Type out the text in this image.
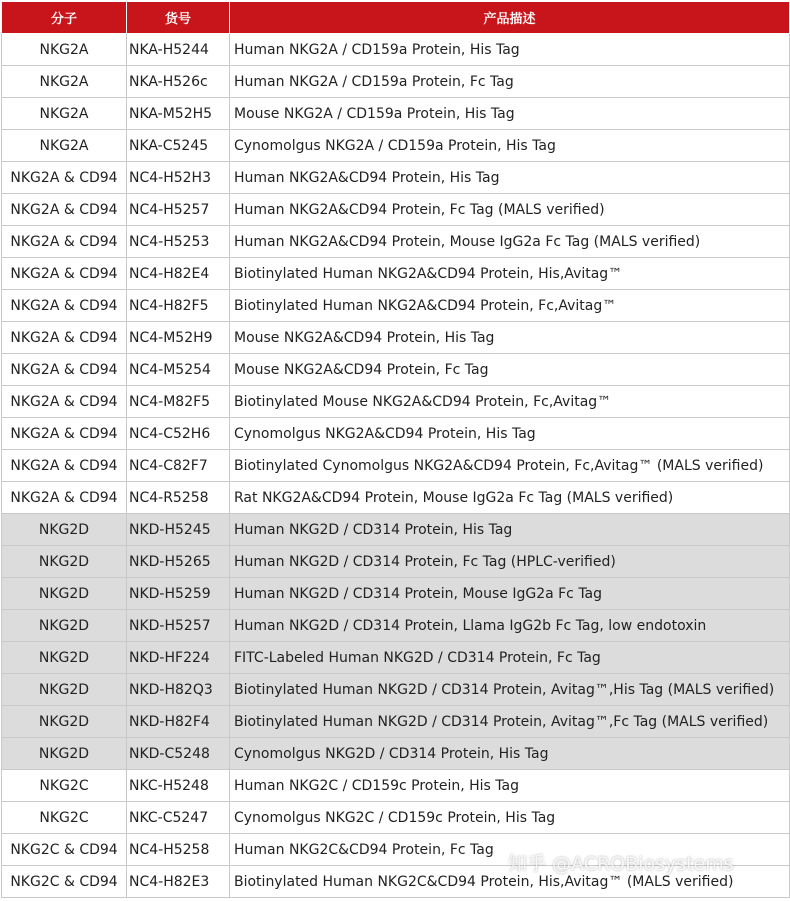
分子	货号	产品描述
NKG2A	NKA-H5244	Human NKG2A / CD159a Protein, His Tag
NKG2A	NKA-H526c	Human NKG2A / CD159a Protein, Fc Tag
NKG2A	NKA-M52H5	Mouse NKG2A / CD159a Protein, His Tag
NKG2A	NKA-C5245	Cynomolgus NKG2A / CD159a Protein, His Tag
NKG2A & CD94	NC4-H52H3	Human NKG2A&CD94 Protein, His Tag
NKG2A & CD94	NC4-H5257	Human NKG2A&CD94 Protein, Fc Tag (MALS verified)
NKG2A & CD94	NC4-H5253	Human NKG2A&CD94 Protein, Mouse IgG2a Fc Tag (MALS verified)
NKG2A & CD94	NC4-H82E4	Biotinylated Human NKG2A&CD94 Protein, His,Avitag™
NKG2A & CD94	NC4-H82F5	Biotinylated Human NKG2A&CD94 Protein, Fc,Avitag™
NKG2A & CD94	NC4-M52H9	Mouse NKG2A&CD94 Protein, His Tag
NKG2A & CD94	NC4-M5254	Mouse NKG2A&CD94 Protein, Fc Tag
NKG2A & CD94	NC4-M82F5	Biotinylated Mouse NKG2A&CD94 Protein, Fc,Avitag™
NKG2A & CD94	NC4-C52H6	Cynomolgus NKG2A&CD94 Protein, His Tag
NKG2A & CD94	NC4-C82F7	Biotinylated Cynomolgus NKG2A&CD94 Protein, Fc,Avitag™ (MALS verified)
NKG2A & CD94	NC4-R5258	Rat NKG2A&CD94 Protein, Mouse IgG2a Fc Tag (MALS verified)
NKG2D	NKD-H5245	Human NKG2D / CD314 Protein, His Tag
NKG2D	NKD-H5265	Human NKG2D / CD314 Protein, Fc Tag (HPLC-verified)
NKG2D	NKD-H5259	Human NKG2D / CD314 Protein, Mouse IgG2a Fc Tag
NKG2D	NKD-H5257	Human NKG2D / CD314 Protein, Llama IgG2b Fc Tag, low endotoxin
NKG2D	NKD-HF224	FITC-Labeled Human NKG2D / CD314 Protein, Fc Tag
NKG2D	NKD-H82Q3	Biotinylated Human NKG2D / CD314 Protein, Avitag™,His Tag (MALS verified)
NKG2D	NKD-H82F4	Biotinylated Human NKG2D / CD314 Protein, Avitag™,Fc Tag (MALS verified)
NKG2D	NKD-C5248	Cynomolgus NKG2D / CD314 Protein, His Tag
NKG2C	NKC-H5248	Human NKG2C / CD159c Protein, His Tag
NKG2C	NKC-C5247	Cynomolgus NKG2C / CD159c Protein, His Tag
NKG2C & CD94	NC4-H5258	Human NKG2C&CD94 Protein, Fc Tag
NKG2C & CD94	NC4-H82E3	Biotinylated Human NKG2C&CD94 Protein, His,Avitag™ (MALS verified)
知乎 @ACROBiosystems
